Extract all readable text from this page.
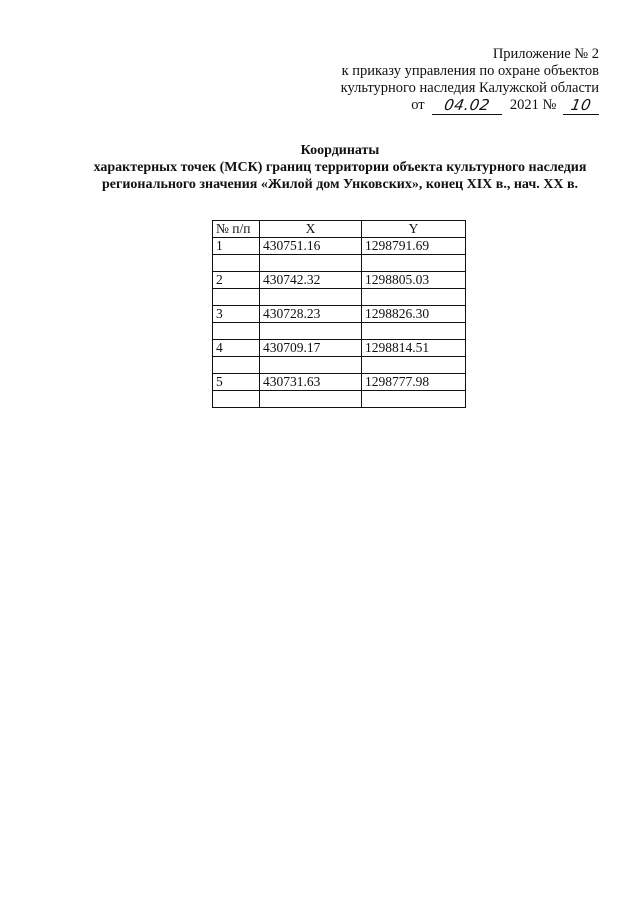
Приложение № 2
к приказу управления по охране объектов
культурного наследия Калужской области
от	04.02	2021 № 10
Координаты
характерных точек (МСК) границ территории объекта культурного наследия
регионального значения «Жилой дом Унковских», конец XIX в., нач. XX в.
№ п/п	X	Y
1	430751.16	1298791.69

2	430742.32	1298805.03

3	430728.23	1298826.30

4	430709.17	1298814.51

5	430731.63	1298777.98
